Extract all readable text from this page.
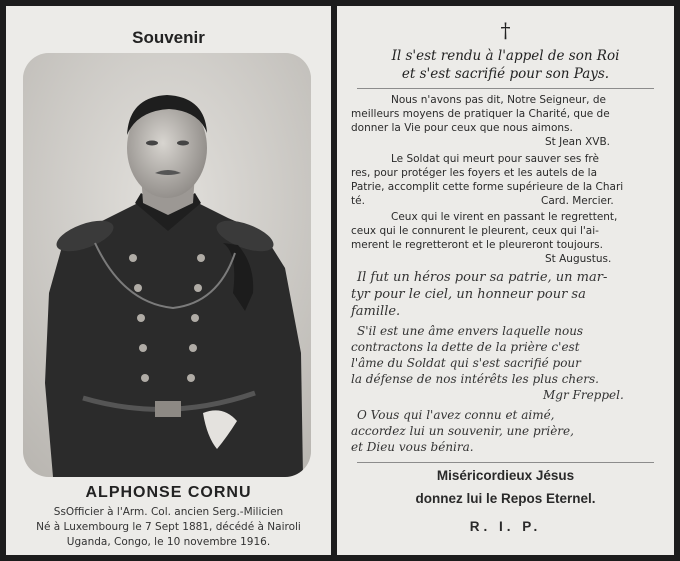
Souvenir
ALPHONSE CORNU
SsOfficier à l'Arm. Col. ancien Serg.-Milicien
Né à Luxembourg le 7 Sept 1881, décédé à Nairoli
Uganda, Congo, le 10 novembre 1916.
†
Il s'est rendu à l'appel de son Roi
et s'est sacrifié pour son Pays.
Nous n'avons pas dit, Notre Seigneur, de
meilleurs moyens de pratiquer la Charité, que de
donner la Vie pour ceux que nous aimons.
St Jean XVB.
Le Soldat qui meurt pour sauver ses frè
res, pour protéger les foyers et les autels de la
Patrie, accomplit cette forme supérieure de la Chari
té.	Card. Mercier.
Ceux qui le virent en passant le regrettent,
ceux qui le connurent le pleurent, ceux qui l'ai-
merent le regretteront et le pleureront toujours.
St Augustus.
Il fut un héros pour sa patrie, un mar-
tyr pour le ciel, un honneur pour sa
famille.
S'il est une âme envers laquelle nous
contractons la dette de la prière c'est
l'âme du Soldat qui s'est sacrifié pour
la défense de nos intérêts les plus chers.
Mgr Freppel.
O Vous qui l'avez connu et aimé,
accordez lui un souvenir, une prière,
et Dieu vous bénira.
Miséricordieux Jésus
donnez lui le Repos Eternel.
R. I. P.
